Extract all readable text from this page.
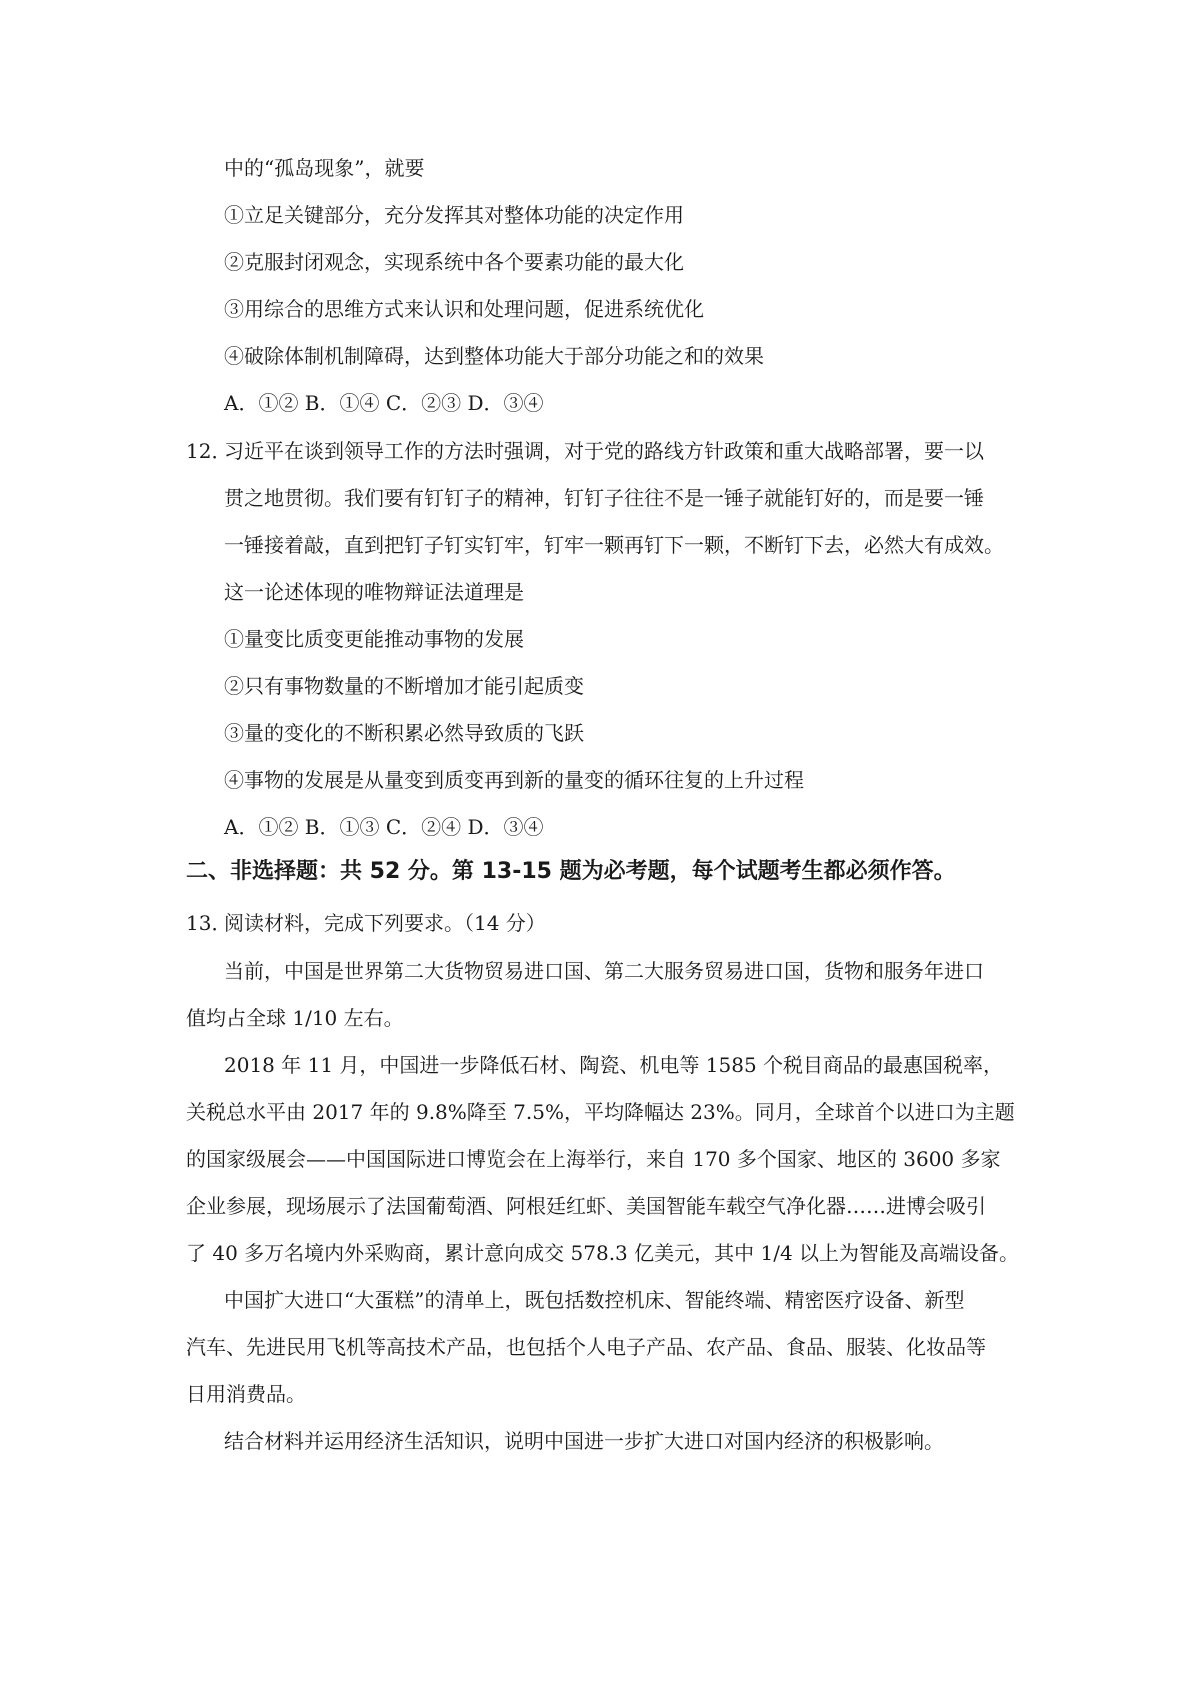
中的“孤岛现象”，就要
①立足关键部分，充分发挥其对整体功能的决定作用
②克服封闭观念，实现系统中各个要素功能的最大化
③用综合的思维方式来认识和处理问题，促进系统优化
④破除体制机制障碍，达到整体功能大于部分功能之和的效果
A．①② B．①④ C．②③ D．③④
12．习近平在谈到领导工作的方法时强调，对于党的路线方针政策和重大战略部署，要一以
贯之地贯彻。我们要有钉钉子的精神，钉钉子往往不是一锤子就能钉好的，而是要一锤
一锤接着敲，直到把钉子钉实钉牢，钉牢一颗再钉下一颗，不断钉下去，必然大有成效。
这一论述体现的唯物辩证法道理是
①量变比质变更能推动事物的发展
②只有事物数量的不断增加才能引起质变
③量的变化的不断积累必然导致质的飞跃
④事物的发展是从量变到质变再到新的量变的循环往复的上升过程
A．①② B．①③ C．②④ D．③④
二、非选择题：共 52 分。第 13-15 题为必考题，每个试题考生都必须作答。
13．阅读材料，完成下列要求。（14 分）
当前，中国是世界第二大货物贸易进口国、第二大服务贸易进口国，货物和服务年进口
值均占全球 1/10 左右。
2018 年 11 月，中国进一步降低石材、陶瓷、机电等 1585 个税目商品的最惠国税率，
关税总水平由 2017 年的 9.8%降至 7.5%，平均降幅达 23%。同月，全球首个以进口为主题
的国家级展会——中国国际进口博览会在上海举行，来自 170 多个国家、地区的 3600 多家
企业参展，现场展示了法国葡萄酒、阿根廷红虾、美国智能车载空气净化器……进博会吸引
了 40 多万名境内外采购商，累计意向成交 578.3 亿美元，其中 1/4 以上为智能及高端设备。
中国扩大进口“大蛋糕”的清单上，既包括数控机床、智能终端、精密医疗设备、新型
汽车、先进民用飞机等高技术产品，也包括个人电子产品、农产品、食品、服装、化妆品等
日用消费品。
结合材料并运用经济生活知识，说明中国进一步扩大进口对国内经济的积极影响。
